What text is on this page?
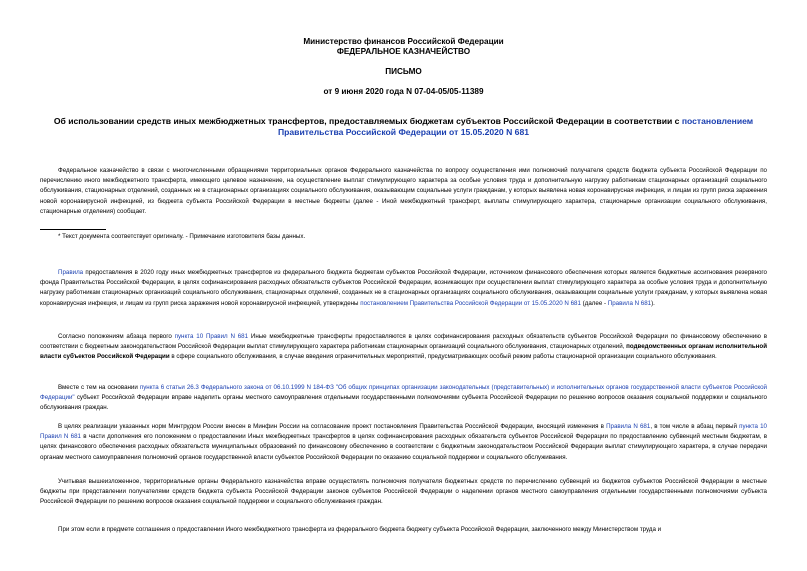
Министерство финансов Российской Федерации
ФЕДЕРАЛЬНОЕ КАЗНАЧЕЙСТВО
ПИСЬМО
от 9 июня 2020 года N 07-04-05/05-11389
Об использовании средств иных межбюджетных трансфертов, предоставляемых бюджетам субъектов Российской Федерации в соответствии с постановлением Правительства Российской Федерации от 15.05.2020 N 681
Федеральное казначейство в связи с многочисленными обращениями территориальных органов Федерального казначейства по вопросу осуществления ими полномочий получателя средств бюджета субъекта Российской Федерации по перечислению иного межбюджетного трансферта, имеющего целевое назначение, на осуществление выплат стимулирующего характера за особые условия труда и дополнительную нагрузку работникам стационарных организаций социального обслуживания, стационарных отделений, созданных не в стационарных организациях социального обслуживания, оказывающим социальные услуги гражданам, у которых выявлена новая коронавирусная инфекция, и лицам из групп риска заражения новой коронавирусной инфекцией, из бюджета субъекта Российской Федерации в местные бюджеты (далее - Иной межбюджетный трансферт, выплаты стимулирующего характера, стационарные организации социального обслуживания, стационарные отделения) сообщает.
* Текст документа соответствует оригиналу. - Примечание изготовителя базы данных.
Правила предоставления в 2020 году иных межбюджетных трансфертов из федерального бюджета бюджетам субъектов Российской Федерации, источником финансового обеспечения которых является бюджетные ассигнования резервного фонда Правительства Российской Федерации, в целях софинансирования расходных обязательств субъектов Российской Федерации, возникающих при осуществлении выплат стимулирующего характера за особые условия труда и дополнительную нагрузку работникам стационарных организаций социального обслуживания, стационарных отделений, созданных не в стационарных организациях социального обслуживания, оказывающим социальные услуги гражданам, у которых выявлена новая коронавирусная инфекция, и лицам из групп риска заражения новой коронавирусной инфекцией, утверждены постановлением Правительства Российской Федерации от 15.05.2020 N 681 (далее - Правила N 681).
Согласно положениям абзаца первого пункта 10 Правил N 681 Иные межбюджетные трансферты предоставляются в целях софинансирования расходных обязательств субъектов Российской Федерации по финансовому обеспечению в соответствии с бюджетным законодательством Российской Федерации выплат стимулирующего характера работникам стационарных организаций социального обслуживания, стационарных отделений, подведомственных органам исполнительной власти субъектов Российской Федерации в сфере социального обслуживания, в случае введения ограничительных мероприятий, предусматривающих особый режим работы стационарной организации социального обслуживания.
Вместе с тем на основании пункта 6 статьи 26.3 Федерального закона от 06.10.1999 N 184-ФЗ "Об общих принципах организации законодательных (представительных) и исполнительных органов государственной власти субъектов Российской Федерации" субъект Российской Федерации вправе наделить органы местного самоуправления отдельными государственными полномочиями субъекта Российской Федерации по решению вопросов оказания социальной поддержки и социального обслуживания граждан.
В целях реализации указанных норм Минтрудом России внесен в Минфин России на согласование проект постановления Правительства Российской Федерации, вносящий изменения в Правила N 681, в том числе в абзац первый пункта 10 Правил N 681 в части дополнения его положением о предоставлении Иных межбюджетных трансфертов в целях софинансирования расходных обязательств субъектов Российской Федерации по предоставлению субвенций местным бюджетам, в целях финансового обеспечения расходных обязательств муниципальных образований по финансовому обеспечению в соответствии с бюджетным законодательством Российской Федерации выплат стимулирующего характера, в случае передачи органам местного самоуправления полномочий органов государственной власти субъектов Российской Федерации по оказанию социальной поддержки и социального обслуживания.
Учитывая вышеизложенное, территориальные органы Федерального казначейства вправе осуществлять полномочия получателя бюджетных средств по перечислению субвенций из бюджетов субъектов Российской Федерации в местные бюджеты при представлении получателями средств бюджета субъекта Российской Федерации законов субъектов Российской Федерации о наделении органов местного самоуправления отдельными государственными полномочиями субъекта Российской Федерации по решению вопросов оказания социальной поддержки и социального обслуживания граждан.
При этом если в предмете соглашения о предоставлении Иного межбюджетного трансферта из федерального бюджета бюджету субъекта Российской Федерации, заключенного между Министерством труда и
